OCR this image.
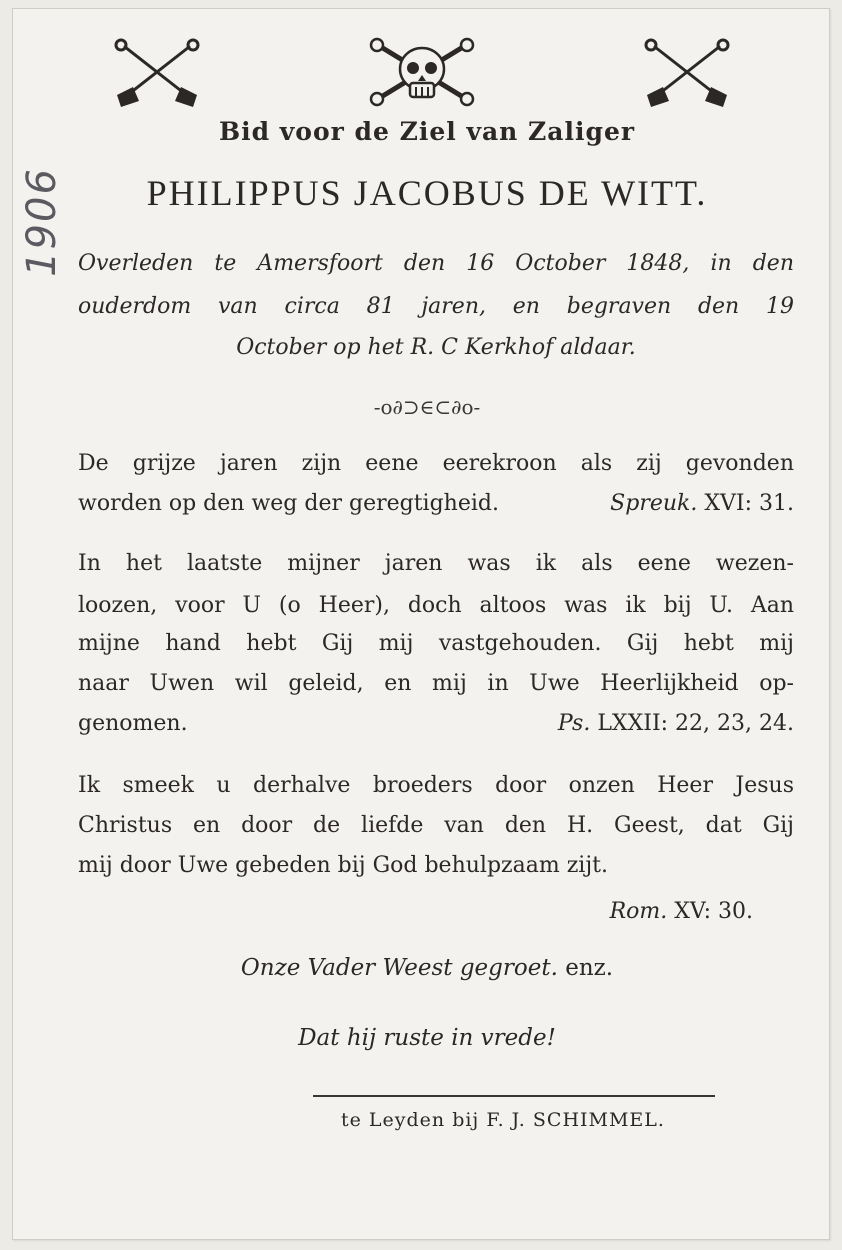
1906
Bid voor de Ziel van Zaliger
PHILIPPUS JACOBUS DE WITT.
Overleden te Amersfoort den 16 October 1848, in den
ouderdom van circa 81 jaren, en begraven den 19
October op het R. C Kerkhof aldaar.
-o∂⊃∈⊂∂o-
De grijze jaren zijn eene eerekroon als zij gevonden
worden op den weg der geregtigheid.	Spreuk. XVI: 31.
In het laatste mijner jaren was ik als eene wezen-
loozen, voor U (o Heer), doch altoos was ik bij U. Aan
mijne hand hebt Gij mij vastgehouden. Gij hebt mij
naar Uwen wil geleid, en mij in Uwe Heerlijkheid op-
genomen.	Ps. LXXII: 22, 23, 24.
Ik smeek u derhalve broeders door onzen Heer Jesus
Christus en door de liefde van den H. Geest, dat Gij
mij door Uwe gebeden bij God behulpzaam zijt.
Rom. XV: 30.
Onze Vader Weest gegroet. enz.
Dat hij ruste in vrede!
te Leyden bij F. J. SCHIMMEL.
